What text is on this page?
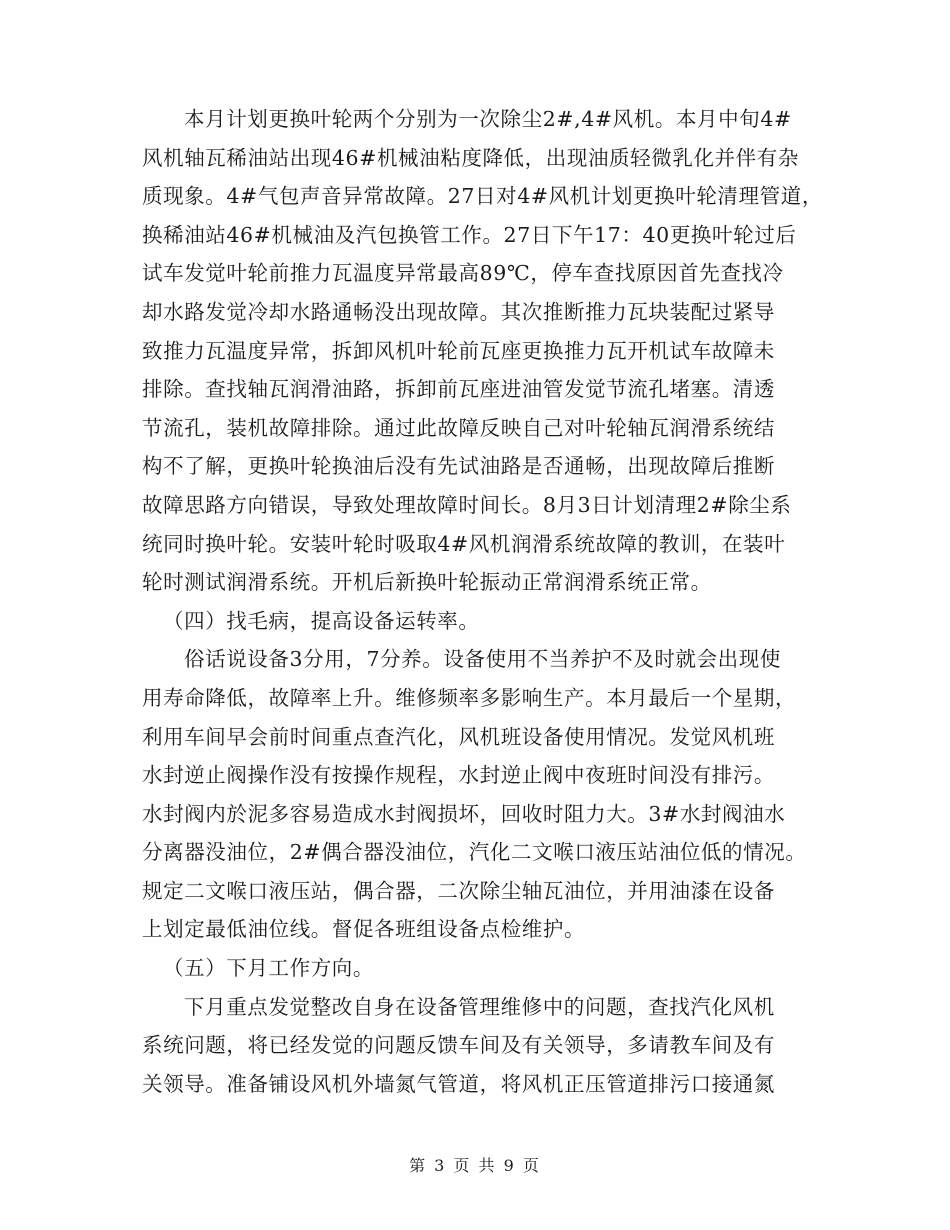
本月计划更换叶轮两个分别为一次除尘2#,4#风机。本月中旬4#
风机轴瓦稀油站出现46#机械油粘度降低，出现油质轻微乳化并伴有杂
质现象。4#气包声音异常故障。27日对4#风机计划更换叶轮清理管道，
换稀油站46#机械油及汽包换管工作。27日下午17：40更换叶轮过后
试车发觉叶轮前推力瓦温度异常最高89℃，停车查找原因首先查找冷
却水路发觉冷却水路通畅没出现故障。其次推断推力瓦块装配过紧导
致推力瓦温度异常，拆卸风机叶轮前瓦座更换推力瓦开机试车故障未
排除。查找轴瓦润滑油路，拆卸前瓦座进油管发觉节流孔堵塞。清透
节流孔，装机故障排除。通过此故障反映自己对叶轮轴瓦润滑系统结
构不了解，更换叶轮换油后没有先试油路是否通畅，出现故障后推断
故障思路方向错误，导致处理故障时间长。8月3日计划清理2#除尘系
统同时换叶轮。安装叶轮时吸取4#风机润滑系统故障的教训，在装叶
轮时测试润滑系统。开机后新换叶轮振动正常润滑系统正常。
（四）找毛病，提高设备运转率。
俗话说设备3分用，7分养。设备使用不当养护不及时就会出现使
用寿命降低，故障率上升。维修频率多影响生产。本月最后一个星期，
利用车间早会前时间重点查汽化，风机班设备使用情况。发觉风机班
水封逆止阀操作没有按操作规程，水封逆止阀中夜班时间没有排污。
水封阀内於泥多容易造成水封阀损坏，回收时阻力大。3#水封阀油水
分离器没油位，2#偶合器没油位，汽化二文喉口液压站油位低的情况。
规定二文喉口液压站，偶合器，二次除尘轴瓦油位，并用油漆在设备
上划定最低油位线。督促各班组设备点检维护。
（五）下月工作方向。
下月重点发觉整改自身在设备管理维修中的问题，查找汽化风机
系统问题，将已经发觉的问题反馈车间及有关领导，多请教车间及有
关领导。准备铺设风机外墙氮气管道，将风机正压管道排污口接通氮
第 3 页 共 9 页
